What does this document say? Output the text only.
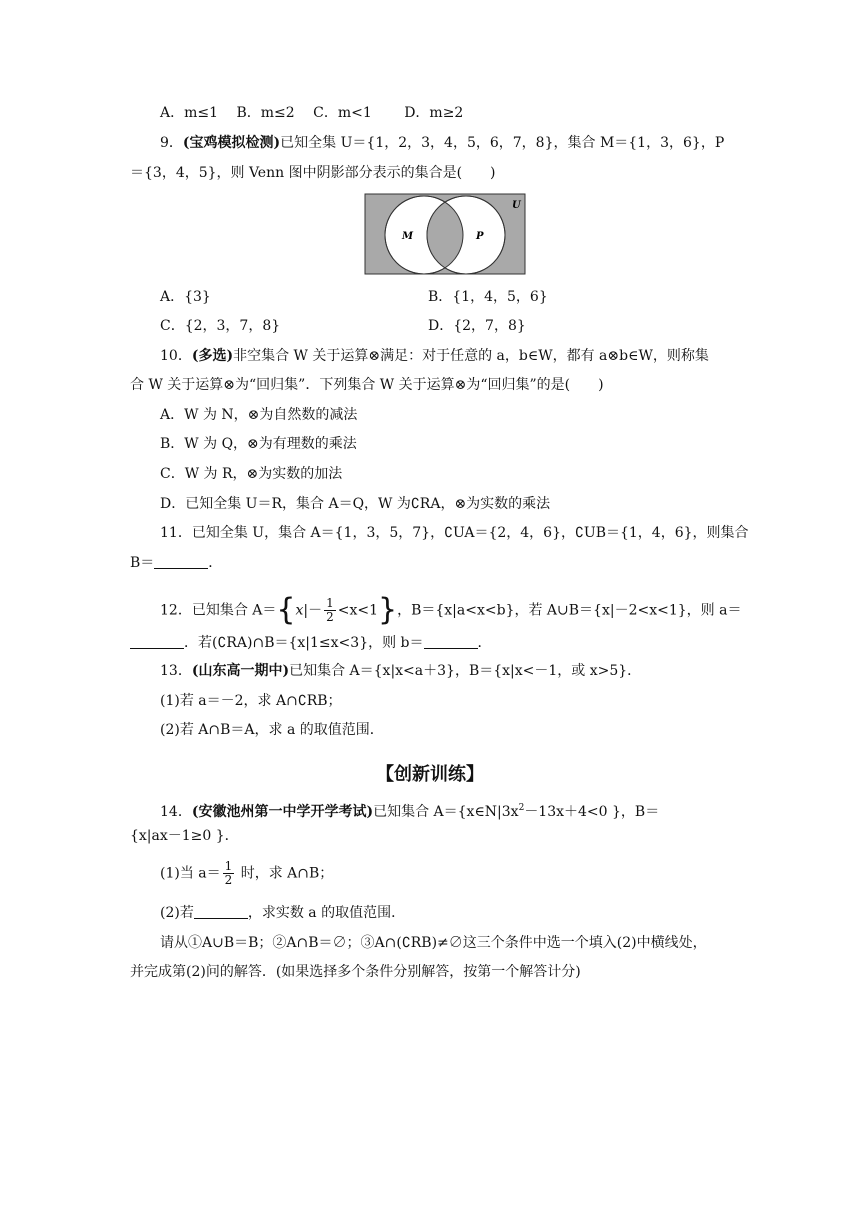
A．m≤1　 B．m≤2　 C．m<1　　 D．m≥2
9．(宝鸡模拟检测)已知全集 U＝{1，2，3，4，5，6，7，8}，集合 M＝{1，3，6}，P
＝{3，4，5}，则 Venn 图中阴影部分表示的集合是(　　)
U
M	P
A．{3}	B．{1，4，5，6}
C．{2，3，7，8}	D．{2，7，8}
10．(多选)非空集合 W 关于运算⊗满足：对于任意的 a，b∈W，都有 a⊗b∈W，则称集
合 W 关于运算⊗为“回归集”．下列集合 W 关于运算⊗为“回归集”的是(　　)
A．W 为 N，⊗为自然数的减法
B．W 为 Q，⊗为有理数的乘法
C．W 为 R，⊗为实数的加法
D．已知全集 U＝R，集合 A＝Q，W 为∁RA，⊗为实数的乘法
11．已知全集 U，集合 A＝{1，3，5，7}，∁UA＝{2，4，6}，∁UB＝{1，4，6}，则集合
B＝	．
12．已知集合 $A=\{x|- \frac{1}{2} <x<1\}$，B＝{x|a<x<b}，若 A∪B＝{x|－2<x<1}，则 a＝
．若(∁RA)∩B＝{x|1≤x<3}，则 b＝	．
13．(山东高一期中)已知集合 A＝{x|x<a＋3}，B＝{x|x<－1，或 x>5}．
(1)若 a＝－2，求 A∩∁RB；
(2)若 A∩B＝A，求 a 的取值范围．
【创新训练】
14．(安徽池州第一中学开学考试)已知集合 $A=\{x\in N|3x^2-13x+4<0$ }，B＝
{x|ax－1≥0 }．
(1)当 $a= \frac{1}{2}$ 时，求 A∩B；
(2)若	，求实数 a 的取值范围．
请从①A∪B＝B；②A∩B＝∅；③A∩(∁RB)≠∅这三个条件中选一个填入(2)中横线处，
并完成第(2)问的解答．(如果选择多个条件分别解答，按第一个解答计分)
